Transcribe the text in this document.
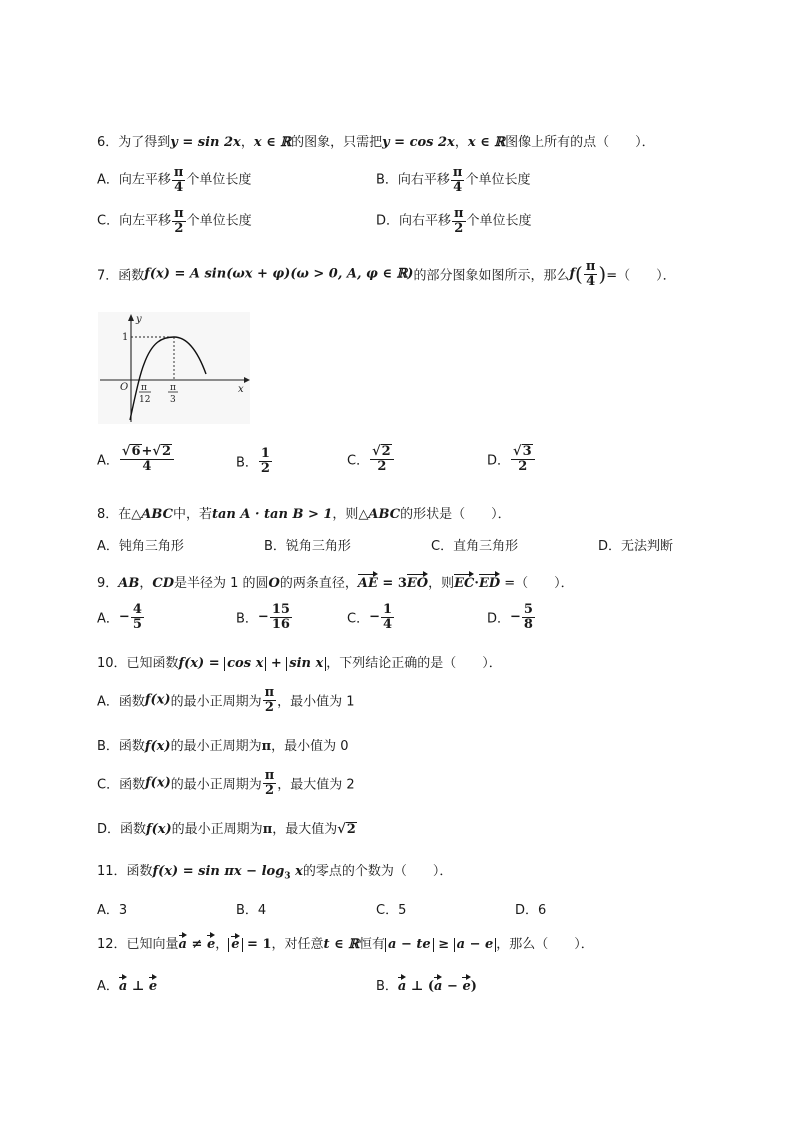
6．为了得到y = sin 2x，x ∈ ℝ的图象，只需把y = cos 2x，x ∈ ℝ图像上所有的点（　　）．
A．向左平移 $\frac{\pi}{4}$ 个单位长度	B．向右平移 $\frac{\pi}{4}$ 个单位长度
C．向左平移 $\frac{\pi}{2}$ 个单位长度	D．向右平移 $\frac{\pi}{2}$ 个单位长度
7．函数f(x) = A sin(ωx + φ)(ω > 0, A, φ ∈ ℝ)的部分图象如图所示，那么$f( \frac{\pi}{4}$ )=（　　）．
y
x
O
1
π
12
π
3
A． $\frac{√6+√2}{4}$	B． $\frac{1}{2}$	C． $\frac{√2}{2}$	D． $\frac{√3}{2}$
8．在△ABC中，若tan A · tan B > 1，则△ABC的形状是（　　）．
A．钝角三角形	B．锐角三角形	C．直角三角形	D．无法判断
9．AB，CD是半径为 1 的圆O的两条直径，AE = 3EO，则EC·ED =（　　）．
A．− $\frac{4}{5}$	B．− $\frac{15}{16}$	C．− $\frac{1}{4}$	D．− $\frac{5}{8}$
10．已知函数f(x) = cos x + sin x ，下列结论正确的是（　　）．
A．函数f(x)的最小正周期为 $\frac{\pi}{2}$ ，最小值为 1
B．函数f(x)的最小正周期为π，最小值为 0
C．函数f(x)的最小正周期为 $\frac{\pi}{2}$ ，最大值为 2
D．函数f(x)的最小正周期为π，最大值为√2
11．函数$f(x) = \sin \pi x - \log_3 x$的零点的个数为（　　）．
A．3	B．4	C．5	D．6
12．已知向量a ≠ e， e = 1，对任意t ∈ ℝ恒有 a − te ≥ a − e ，那么（　　）．
A．a ⊥ e	B．a ⊥ (a − e)
